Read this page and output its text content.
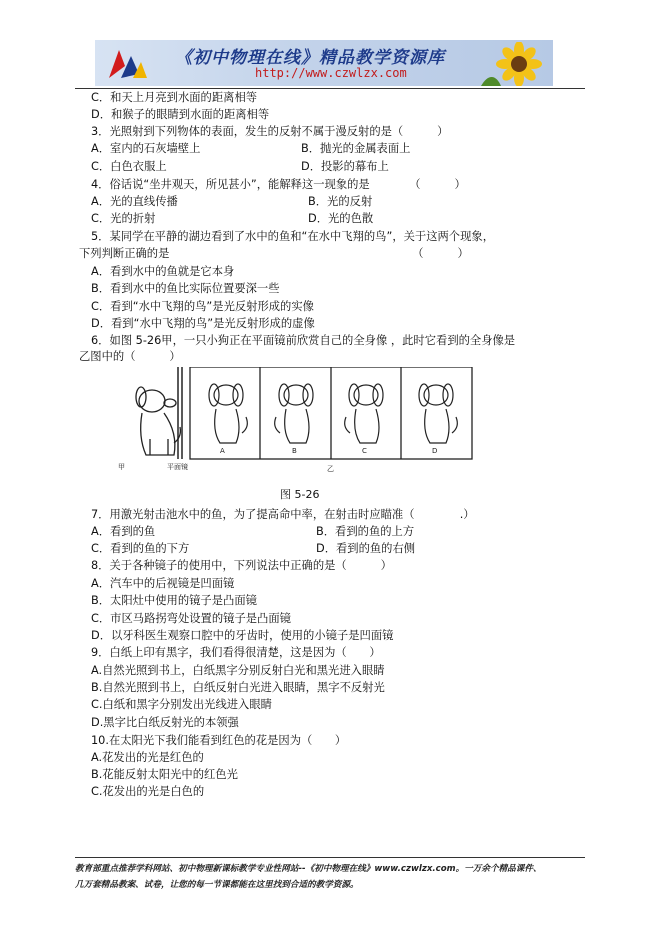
《初中物理在线》精品教学资源库
http://www.czwlzx.com
C．和天上月亮到水面的距离相等
D．和猴子的眼睛到水面的距离相等
3．光照射到下列物体的表面，发生的反射不属于漫反射的是（　　　）
A．室内的石灰墙壁上	B．抛光的金属表面上
C．白色衣服上	D．投影的幕布上
4．俗话说“坐井观天，所见甚小”，能解释这一现象的是　　　　（　　　）
A．光的直线传播	B．光的反射
C．光的折射	D．光的色散
5．某同学在平静的湖边看到了水中的鱼和“在水中飞翔的鸟”，关于这两个现象，
下列判断正确的是　　　　　　　　　　　　　　　　　　　　　　（　　　）
A．看到水中的鱼就是它本身
B．看到水中的鱼比实际位置要深一些
C．看到“水中飞翔的鸟”是光反射形成的实像
D．看到“水中飞翔的鸟”是光反射形成的虚像
6．如图 5-26甲，一只小狗正在平面镜前欣赏自己的全身像 ，此时它看到的全身像是
乙图中的（　　　）
甲	平面镜
A	B	C	D
乙
图 5-26
7．用激光射击池水中的鱼，为了提高命中率，在射击时应瞄准（　　　　.）
A．看到的鱼	B．看到的鱼的上方
C．看到的鱼的下方	D．看到的鱼的右侧
8．关于各种镜子的使用中，下列说法中正确的是（　　　）
A．汽车中的后视镜是凹面镜
B．太阳灶中使用的镜子是凸面镜
C．市区马路拐弯处设置的镜子是凸面镜
D．以牙科医生观察口腔中的牙齿时，使用的小镜子是凹面镜
9．白纸上印有黑字，我们看得很清楚，这是因为（　　）
A.自然光照到书上，白纸黑字分别反射白光和黑光进入眼睛
B.自然光照到书上，白纸反射白光进入眼睛，黑字不反射光
C.白纸和黑字分别发出光线进入眼睛
D.黑字比白纸反射光的本领强
10.在太阳光下我们能看到红色的花是因为（　　）
A.花发出的光是红色的
B.花能反射太阳光中的红色光
C.花发出的光是白色的
教育部重点推荐学科网站、初中物理新课标教学专业性网站--《初中物理在线》www.czwlzx.com。一万余个精品课件、
几万套精品教案、试卷，让您的每一节课都能在这里找到合适的教学资源。
